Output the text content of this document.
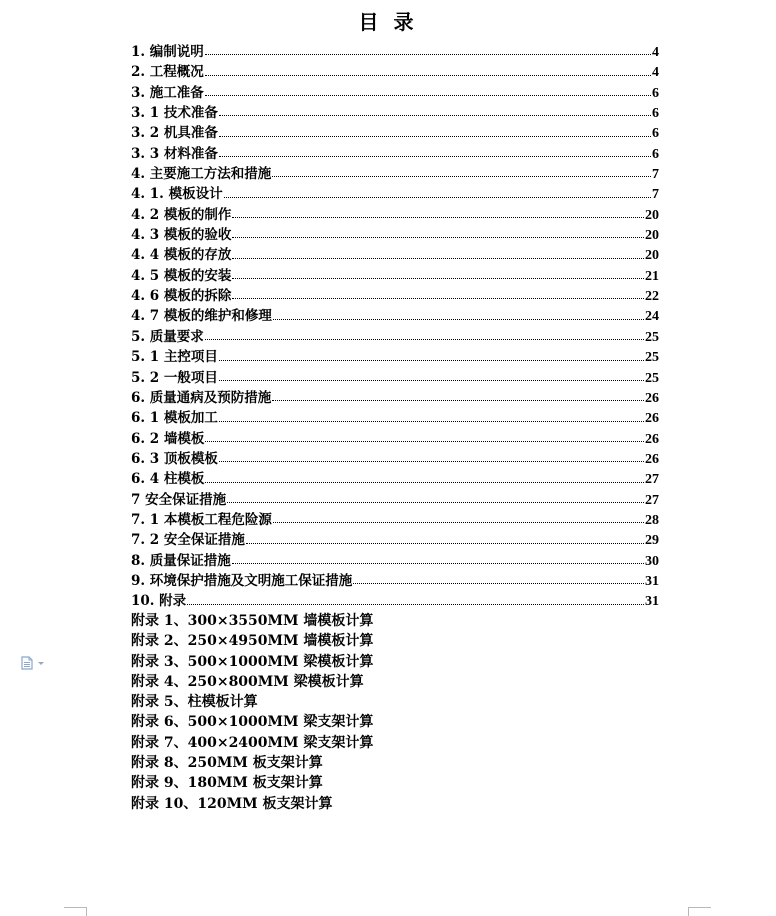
目 录
1. 编制说明	4
2. 工程概况	4
3. 施工准备	6
3. 1 技术准备	6
3. 2 机具准备	6
3. 3 材料准备	6
4. 主要施工方法和措施	7
4. 1. 模板设计	7
4. 2 模板的制作	20
4. 3 模板的验收	20
4. 4 模板的存放	20
4. 5 模板的安装	21
4. 6 模板的拆除	22
4. 7 模板的维护和修理	24
5. 质量要求	25
5. 1 主控项目	25
5. 2 一般项目	25
6. 质量通病及预防措施	26
6. 1 模板加工	26
6. 2 墙模板	26
6. 3 顶板模板	26
6. 4 柱模板	27
7 安全保证措施	27
7. 1 本模板工程危险源	28
7. 2 安全保证措施	29
8. 质量保证措施	30
9. 环境保护措施及文明施工保证措施	31
10. 附录	31
附录 1、300×3550MM 墙模板计算
附录 2、250×4950MM 墙模板计算
附录 3、500×1000MM 梁模板计算
附录 4、250×800MM 梁模板计算
附录 5、柱模板计算
附录 6、500×1000MM 梁支架计算
附录 7、400×2400MM 梁支架计算
附录 8、250MM 板支架计算
附录 9、180MM 板支架计算
附录 10、120MM 板支架计算
